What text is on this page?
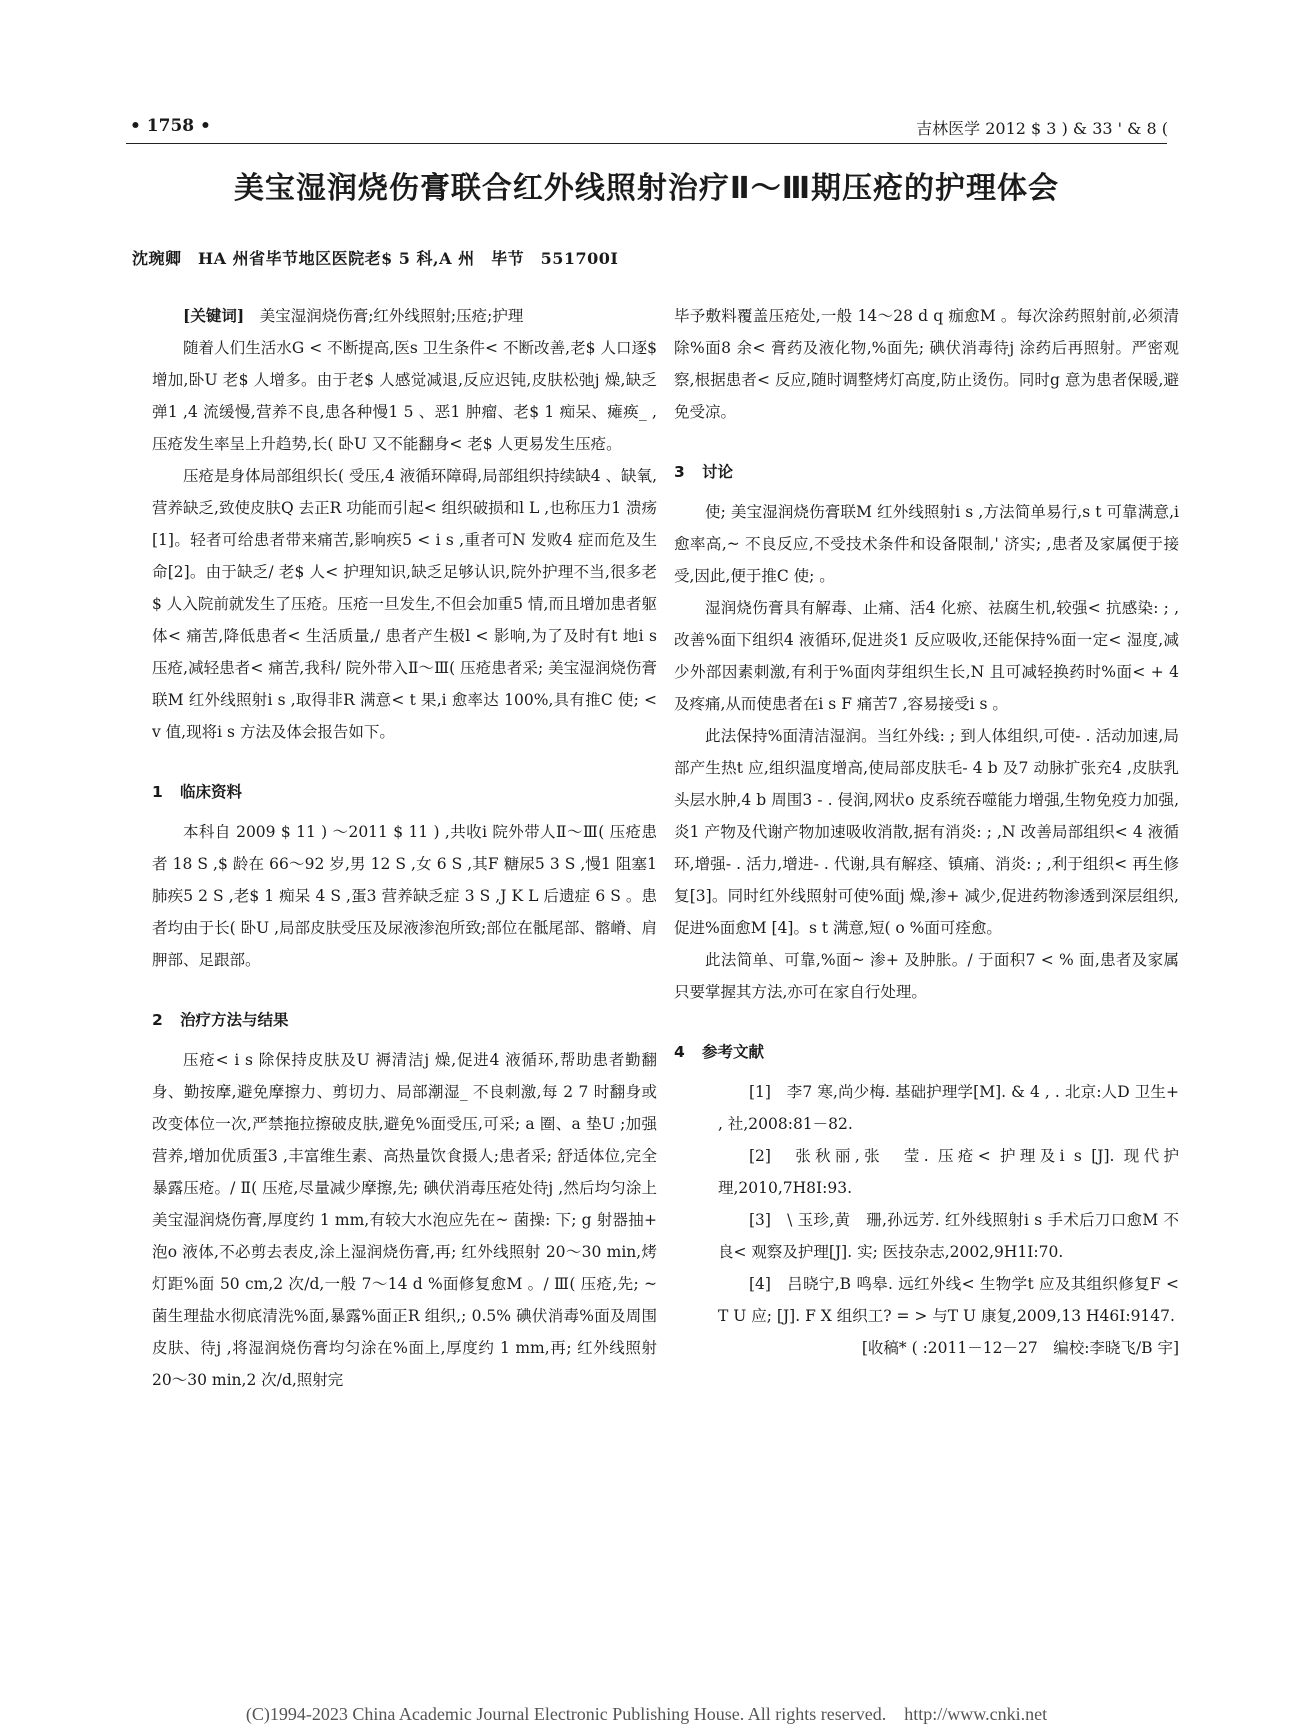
• 1758 •	吉林医学 2012 $ 3 ) & 33 ' & 8 (
美宝湿润烧伤膏联合红外线照射治疗Ⅱ～Ⅲ期压疮的护理体会
沈琬卿　HA 州省毕节地区医院老$ 5 科,A 州　毕节　551700I

[关键词]　 美宝湿润烧伤膏;红外线照射;压疮;护理

随着人们生活水G < 不断提高,医s 卫生条件< 不断改善,老$ 人口逐$ 增加,卧U 老$ 人增多。由于老$ 人感觉减退,反应迟钝,皮肤松弛j 燥,缺乏弹1 ,4 流缓慢,营养不良,患各种慢1 5 、恶1 肿瘤、老$ 1 痴呆、瘫痪_ ,压疮发生率呈上升趋势,长( 卧U 又不能翻身< 老$ 人更易发生压疮。

压疮是身体局部组织长( 受压,4 液循环障碍,局部组织持续缺4 、缺氧,营养缺乏,致使皮肤Q 去正R 功能而引起< 组织破损和l L ,也称压力1 溃疡[1]。轻者可给患者带来痛苦,影响疾5 < i s ,重者可N 发败4 症而危及生命[2]。由于缺乏/ 老$ 人< 护理知识,缺乏足够认识,院外护理不当,很多老$ 人入院前就发生了压疮。压疮一旦发生,不但会加重5 情,而且增加患者躯体< 痛苦,降低患者< 生活质量,/ 患者产生极l < 影响,为了及时有t 地i s 压疮,减轻患者< 痛苦,我科/ 院外带入Ⅱ～Ⅲ( 压疮患者采; 美宝湿润烧伤膏联M 红外线照射i s ,取得非R 满意< t 果,i 愈率达 100%,具有推C 使; < v 值,现将i s 方法及体会报告如下。

1 临床资料

本科自 2009 $ 11 ) ～2011 $ 11 ) ,共收i 院外带人Ⅱ～Ⅲ( 压疮患者 18 S ,$ 龄在 66～92 岁,男 12 S ,女 6 S ,其F 糖尿5 3 S ,慢1 阻塞1 肺疾5 2 S ,老$ 1 痴呆 4 S ,蛋3 营养缺乏症 3 S ,J K L 后遗症 6 S 。患者均由于长( 卧U ,局部皮肤受压及尿液渗泡所致;部位在骶尾部、髂嵴、肩胛部、足跟部。

2 治疗方法与结果

压疮< i s 除保持皮肤及U 褥清洁j 燥,促进4 液循环,帮助患者勤翻身、勤按摩,避免摩擦力、剪切力、局部潮湿_ 不良刺激,每 2 7 时翻身或改变体位一次,严禁拖拉擦破皮肤,避免%面受压,可采; a 圈、a 垫U ;加强营养,增加优质蛋3 ,丰富维生素、高热量饮食摄人;患者采; 舒适体位,完全暴露压疮。/ Ⅱ( 压疮,尽量减少摩擦,先; 碘伏消毒压疮处待j ,然后均匀涂上美宝湿润烧伤膏,厚度约 1 mm,有较大水泡应先在~ 菌操: 下; g 射器抽+ 泡o 液体,不必剪去表皮,涂上湿润烧伤膏,再; 红外线照射 20～30 min,烤灯距%面 50 cm,2 次/d,一般 7～14 d %面修复愈M 。/ Ⅲ( 压疮,先; ~ 菌生理盐水彻底清洗%面,暴露%面正R 组织,; 0.5% 碘伏消毒%面及周围皮肤、待j ,将湿润烧伤膏均匀涂在%面上,厚度约 1 mm,再; 红外线照射 20～30 min,2 次/d,照射完

毕予敷料覆盖压疮处,一般 14～28 d q 痂愈M 。每次涂药照射前,必须清除%面8 余< 膏药及液化物,%面先; 碘伏消毒待j 涂药后再照射。严密观察,根据患者< 反应,随时调整烤灯高度,防止烫伤。同时g 意为患者保暖,避免受凉。

3 讨论

使; 美宝湿润烧伤膏联M 红外线照射i s ,方法简单易行,s t 可靠满意,i 愈率高,~ 不良反应,不受技术条件和设备限制,' 济实; ,患者及家属便于接受,因此,便于推C 使; 。

湿润烧伤膏具有解毒、止痛、活4 化瘀、祛腐生机,较强< 抗感染: ; ,改善%面下组织4 液循环,促进炎1 反应吸收,还能保持%面一定< 湿度,减少外部因素刺激,有利于%面肉芽组织生长,N 且可减轻换药时%面< + 4 及疼痛,从而使患者在i s F 痛苦7 ,容易接受i s 。

此法保持%面清洁湿润。当红外线: ; 到人体组织,可使- . 活动加速,局部产生热t 应,组织温度增高,使局部皮肤毛- 4 b 及7 动脉扩张充4 ,皮肤乳头层水肿,4 b 周围3 - . 侵润,网状o 皮系统吞噬能力增强,生物免疫力加强,炎1 产物及代谢产物加速吸收消散,据有消炎: ; ,N 改善局部组织< 4 液循环,增强- . 活力,增进- . 代谢,具有解痉、镇痛、消炎: ; ,利于组织< 再生修复[3]。同时红外线照射可使%面j 燥,渗+ 减少,促进药物渗透到深层组织,促进%面愈M [4]。s t 满意,短( o %面可痊愈。

此法简单、可靠,%面~ 渗+ 及肿胀。/ 于面积7 < % 面,患者及家属只要掌握其方法,亦可在家自行处理。

4 参考文献

[1]　李7 寒,尚少梅. 基础护理学[M]. & 4 , . 北京:人D 卫生+ , 社,2008:81－82.

[2]　张秋丽,张　莹. 压疮< 护理及i s [J]. 现代护理,2010,7H8I:93.

[3]　\ 玉珍,黄　珊,孙远芳. 红外线照射i s 手术后刀口愈M 不良< 观察及护理[J]. 实; 医技杂志,2002,9H1I:70.

[4]　吕晓宁,B 鸣皋. 远红外线< 生物学t 应及其组织修复F < T U 应; [J]. F X 组织工? = > 与T U 康复,2009,13 H46I:9147.

[收稿* ( :2011－12－27　编校:李晓飞/B 宇]

(C)1994-2023 China Academic Journal Electronic Publishing House. All rights reserved.　http://www.cnki.net
